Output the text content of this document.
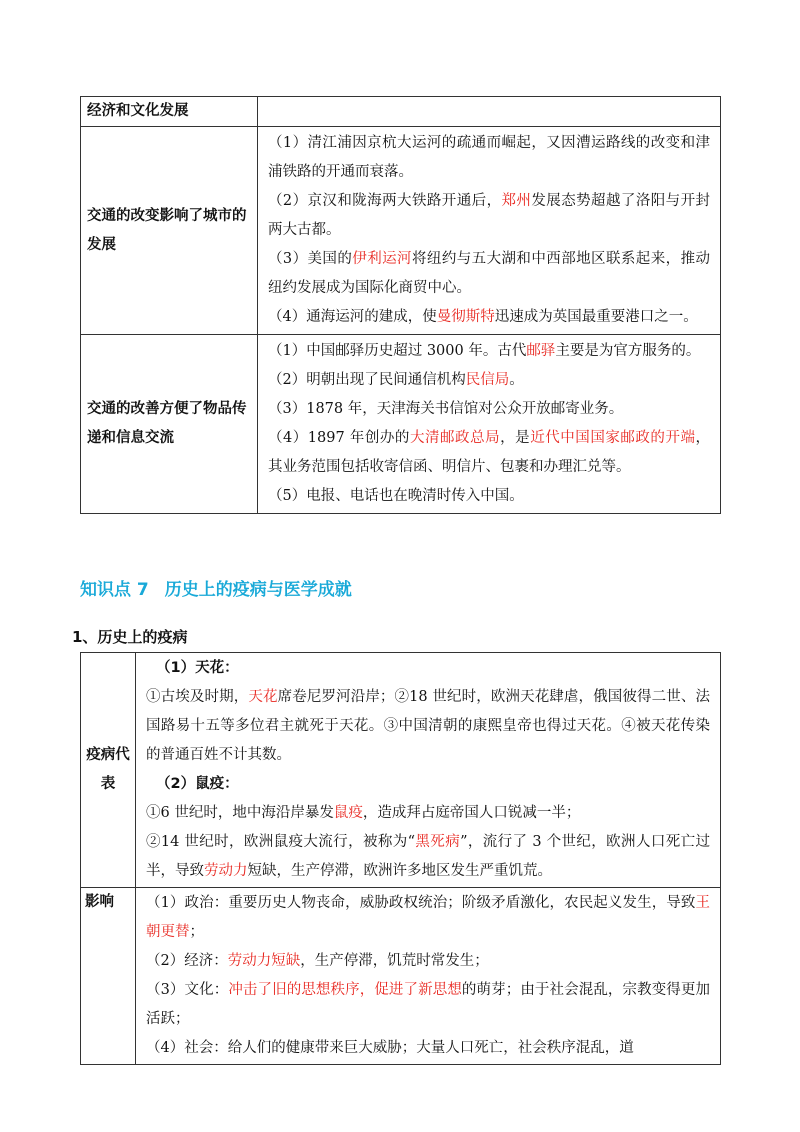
经济和文化发展	
交通的改变影响了城市的发展	（1）清江浦因京杭大运河的疏通而崛起，又因漕运路线的改变和津浦铁路的开通而衰落。
（2）京汉和陇海两大铁路开通后，郑州发展态势超越了洛阳与开封两大古都。
（3）美国的伊利运河将纽约与五大湖和中西部地区联系起来，推动纽约发展成为国际化商贸中心。
（4）通海运河的建成，使曼彻斯特迅速成为英国最重要港口之一。

交通的改善方便了物品传递和信息交流	（1）中国邮驿历史超过 3000 年。古代邮驿主要是为官方服务的。
（2）明朝出现了民间通信机构民信局。
（3）1878 年，天津海关书信馆对公众开放邮寄业务。
（4）1897 年创办的大清邮政总局，是近代中国国家邮政的开端，其业务范围包括收寄信函、明信片、包裹和办理汇兑等。
（5）电报、电话也在晚清时传入中国。
知识点 7 历史上的疫病与医学成就
1、历史上的疫病
疫病代表	（1）天花：
①古埃及时期，天花席卷尼罗河沿岸；②18 世纪时，欧洲天花肆虐，俄国彼得二世、法国路易十五等多位君主就死于天花。③中国清朝的康熙皇帝也得过天花。④被天花传染的普通百姓不计其数。
（2）鼠疫：
①6 世纪时，地中海沿岸暴发鼠疫，造成拜占庭帝国人口锐减一半；
②14 世纪时，欧洲鼠疫大流行，被称为“黑死病”，流行了 3 个世纪，欧洲人口死亡过半，导致劳动力短缺，生产停滞，欧洲许多地区发生严重饥荒。

影响	（1）政治：重要历史人物丧命，威胁政权统治；阶级矛盾激化，农民起义发生，导致王朝更替；
（2）经济：劳动力短缺，生产停滞，饥荒时常发生；
（3）文化：冲击了旧的思想秩序，促进了新思想的萌芽；由于社会混乱，宗教变得更加活跃；
（4）社会：给人们的健康带来巨大威胁；大量人口死亡，社会秩序混乱，道
